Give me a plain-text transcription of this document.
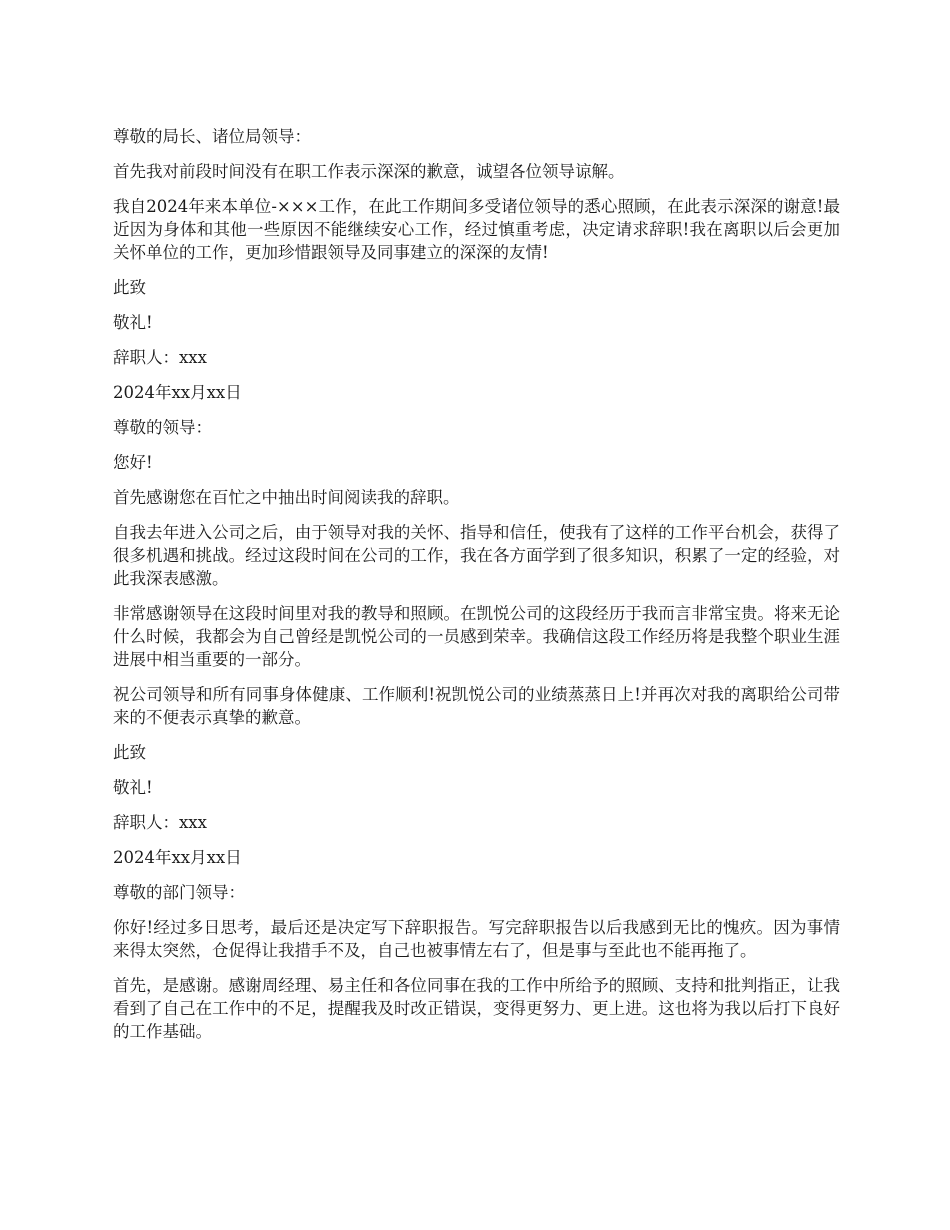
尊敬的局长、诸位局领导：

首先我对前段时间没有在职工作表示深深的歉意，诚望各位领导谅解。

我自2024年来本单位-×××工作，在此工作期间多受诸位领导的悉心照顾，在此表示深深的谢意!最近因为身体和其他一些原因不能继续安心工作，经过慎重考虑，决定请求辞职!我在离职以后会更加关怀单位的工作，更加珍惜跟领导及同事建立的深深的友情!

此致

敬礼!

辞职人：xxx

2024年xx月xx日

尊敬的领导：

您好!

首先感谢您在百忙之中抽出时间阅读我的辞职。

自我去年进入公司之后，由于领导对我的关怀、指导和信任，使我有了这样的工作平台机会，获得了很多机遇和挑战。经过这段时间在公司的工作，我在各方面学到了很多知识，积累了一定的经验，对此我深表感激。

非常感谢领导在这段时间里对我的教导和照顾。在凯悦公司的这段经历于我而言非常宝贵。将来无论什么时候，我都会为自己曾经是凯悦公司的一员感到荣幸。我确信这段工作经历将是我整个职业生涯进展中相当重要的一部分。

祝公司领导和所有同事身体健康、工作顺利!祝凯悦公司的业绩蒸蒸日上!并再次对我的离职给公司带来的不便表示真挚的歉意。

此致

敬礼!

辞职人：xxx

2024年xx月xx日

尊敬的部门领导：

你好!经过多日思考，最后还是决定写下辞职报告。写完辞职报告以后我感到无比的愧疚。因为事情来得太突然，仓促得让我措手不及，自己也被事情左右了，但是事与至此也不能再拖了。

首先，是感谢。感谢周经理、易主任和各位同事在我的工作中所给予的照顾、支持和批判指正，让我看到了自己在工作中的不足，提醒我及时改正错误，变得更努力、更上进。这也将为我以后打下良好的工作基础。
